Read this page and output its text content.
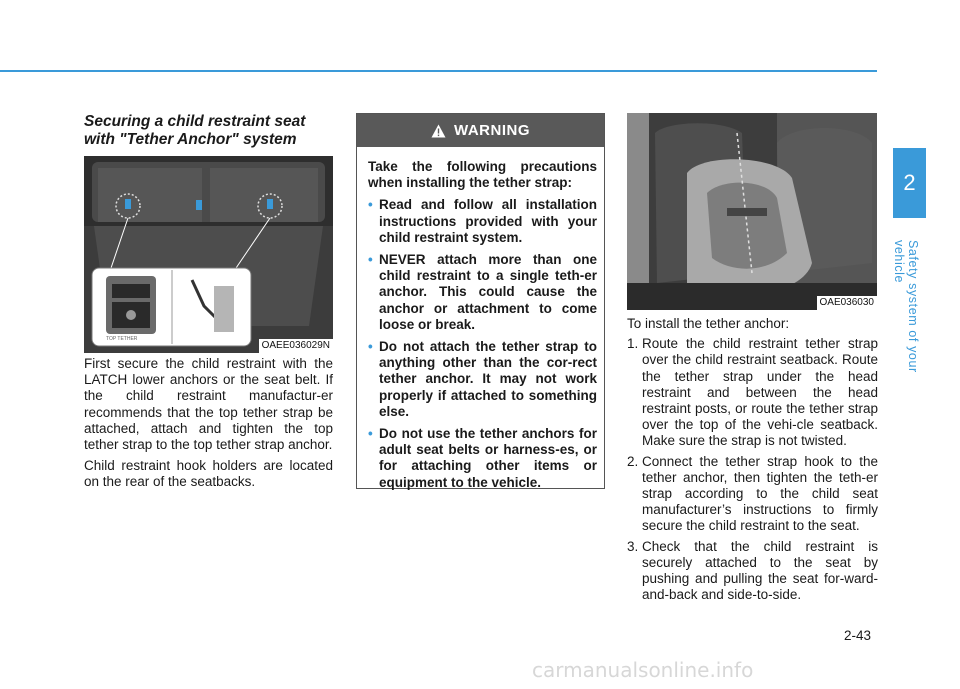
Securing a child restraint seat with "Tether Anchor" system
TOP TETHER
OAEE036029N

First secure the child restraint with the LATCH lower anchors or the seat belt. If the child restraint manufactur-er recommends that the top tether strap be attached, attach and tighten the top tether strap to the top tether strap anchor.

Child restraint hook holders are located on the rear of the seatbacks.

WARNING

Take the following precautions when installing the tether strap:

• Read and follow all installation instructions provided with your child restraint system.
• NEVER attach more than one child restraint to a single teth-er anchor. This could cause the anchor or attachment to come loose or break.
• Do not attach the tether strap to anything other than the cor-rect tether anchor. It may not work properly if attached to something else.
• Do not use the tether anchors for adult seat belts or harness-es, or for attaching other items or equipment to the vehicle.
OAE036030

To install the tether anchor:

1. Route the child restraint tether strap over the child restraint seatback. Route the tether strap under the head restraint and between the head restraint posts, or route the tether strap over the top of the vehi-cle seatback. Make sure the strap is not twisted.
2. Connect the tether strap hook to the tether anchor, then tighten the teth-er strap according to the child seat manufacturer’s instructions to firmly secure the child restraint to the seat.
3. Check that the child restraint is securely attached to the seat by pushing and pulling the seat for-ward-and-back and side-to-side.
2-43
2
Safety system of your vehicle
carmanualsonline.info
